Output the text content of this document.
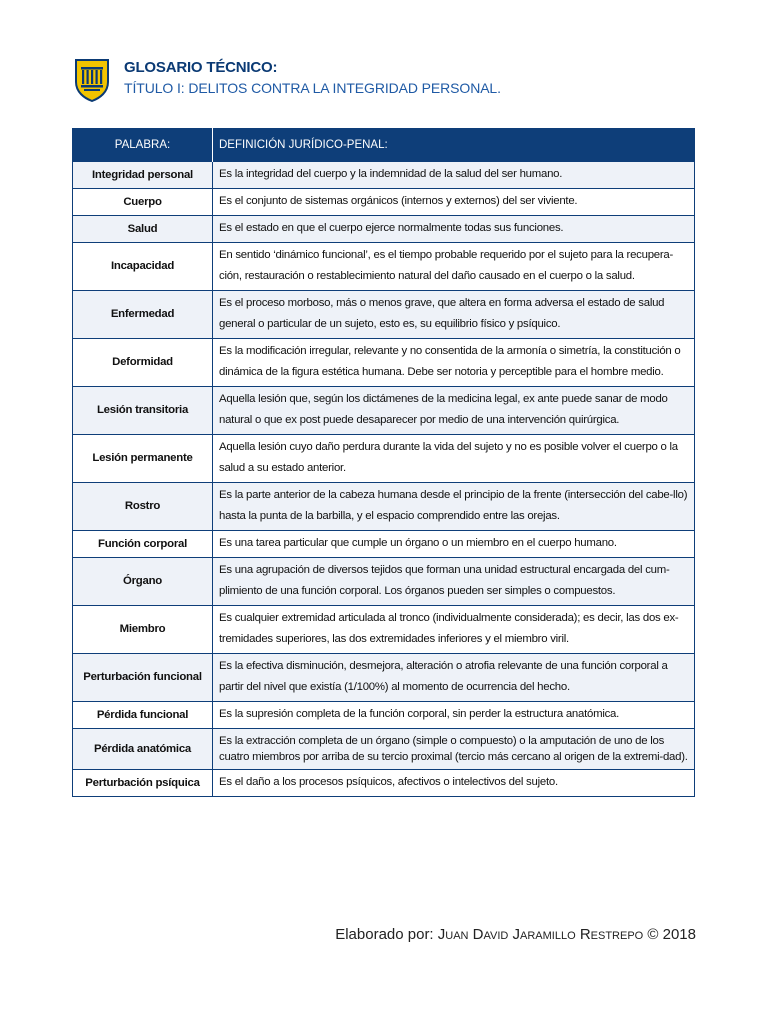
GLOSARIO TÉCNICO:
TÍTULO I: DELITOS CONTRA LA INTEGRIDAD PERSONAL.
PALABRA:	DEFINICIÓN JURÍDICO-PENAL:
Integridad personal	Es la integridad del cuerpo y la indemnidad de la salud del ser humano.
Cuerpo	Es el conjunto de sistemas orgánicos (internos y externos) del ser viviente.
Salud	Es el estado en que el cuerpo ejerce normalmente todas sus funciones.
Incapacidad	En sentido ‘dinámico funcional’, es el tiempo probable requerido por el sujeto para la recupera-ción, restauración o restablecimiento natural del daño causado en el cuerpo o la salud.
Enfermedad	Es el proceso morboso, más o menos grave, que altera en forma adversa el estado de salud general o particular de un sujeto, esto es, su equilibrio físico y psíquico.
Deformidad	Es la modificación irregular, relevante y no consentida de la armonía o simetría, la constitución o dinámica de la figura estética humana. Debe ser notoria y perceptible para el hombre medio.
Lesión transitoria	Aquella lesión que, según los dictámenes de la medicina legal, ex ante puede sanar de modo natural o que ex post puede desaparecer por medio de una intervención quirúrgica.
Lesión permanente	Aquella lesión cuyo daño perdura durante la vida del sujeto y no es posible volver el cuerpo o la salud a su estado anterior.
Rostro	Es la parte anterior de la cabeza humana desde el principio de la frente (intersección del cabe-llo) hasta la punta de la barbilla, y el espacio comprendido entre las orejas.
Función corporal	Es una tarea particular que cumple un órgano o un miembro en el cuerpo humano.
Órgano	Es una agrupación de diversos tejidos que forman una unidad estructural encargada del cum-plimiento de una función corporal. Los órganos pueden ser simples o compuestos.
Miembro	Es cualquier extremidad articulada al tronco (individualmente considerada); es decir, las dos ex-tremidades superiores, las dos extremidades inferiores y el miembro viril.
Perturbación funcional	Es la efectiva disminución, desmejora, alteración o atrofia relevante de una función corporal a partir del nivel que existía (1/100%) al momento de ocurrencia del hecho.
Pérdida funcional	Es la supresión completa de la función corporal, sin perder la estructura anatómica.
Pérdida anatómica	Es la extracción completa de un órgano (simple o compuesto) o la amputación de uno de los cuatro miembros por arriba de su tercio proximal (tercio más cercano al origen de la extremi-dad).
Perturbación psíquica	Es el daño a los procesos psíquicos, afectivos o intelectivos del sujeto.
Elaborado por: Juan David Jaramillo Restrepo © 2018
